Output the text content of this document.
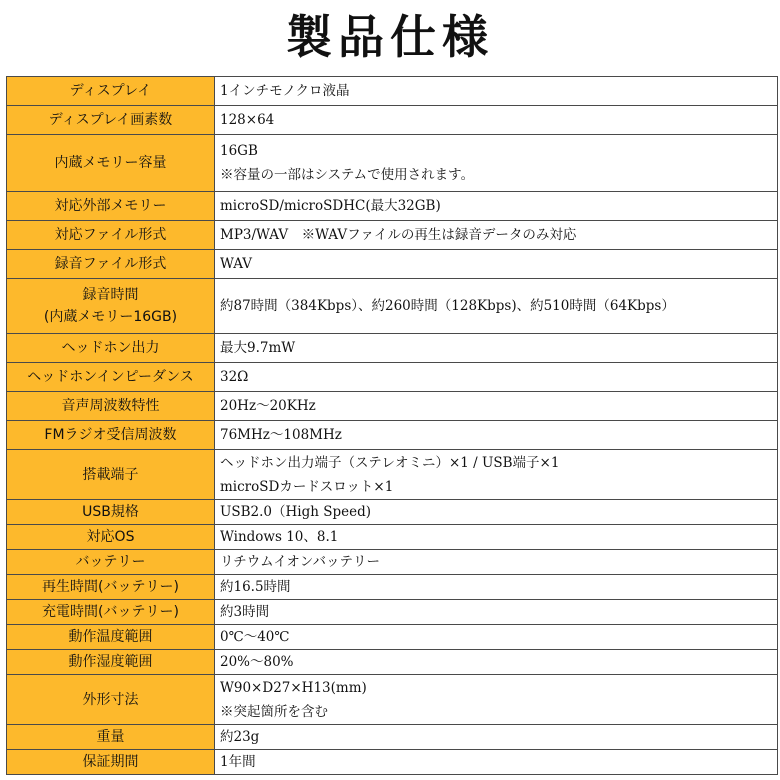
製品仕様
ディスプレイ	1インチモノクロ液晶

ディスプレイ画素数	128×64

内蔵メモリー容量	16GB
※容量の一部はシステムで使用されます。

対応外部メモリー	microSD/microSDHC(最大32GB)

対応ファイル形式	MP3/WAV　※WAVファイルの再生は録音データのみ対応

録音ファイル形式	WAV

録音時間
(内蔵メモリー16GB)	約87時間（384Kbps）、約260時間（128Kbps)、約510時間（64Kbps）

ヘッドホン出力	最大9.7mW

ヘッドホンインピーダンス	32Ω

音声周波数特性	20Hz～20KHz

FMラジオ受信周波数	76MHz～108MHz

搭載端子	ヘッドホン出力端子（ステレオミニ）×1 / USB端子×1
microSDカードスロット×1

USB規格	USB2.0（High Speed)

対応OS	Windows 10、8.1

バッテリー	リチウムイオンバッテリー

再生時間(バッテリー)	約16.5時間

充電時間(バッテリー)	約3時間

動作温度範囲	0℃～40℃

動作湿度範囲	20%～80%

外形寸法	W90×D27×H13(mm)
※突起箇所を含む

重量	約23g

保証期間	1年間
